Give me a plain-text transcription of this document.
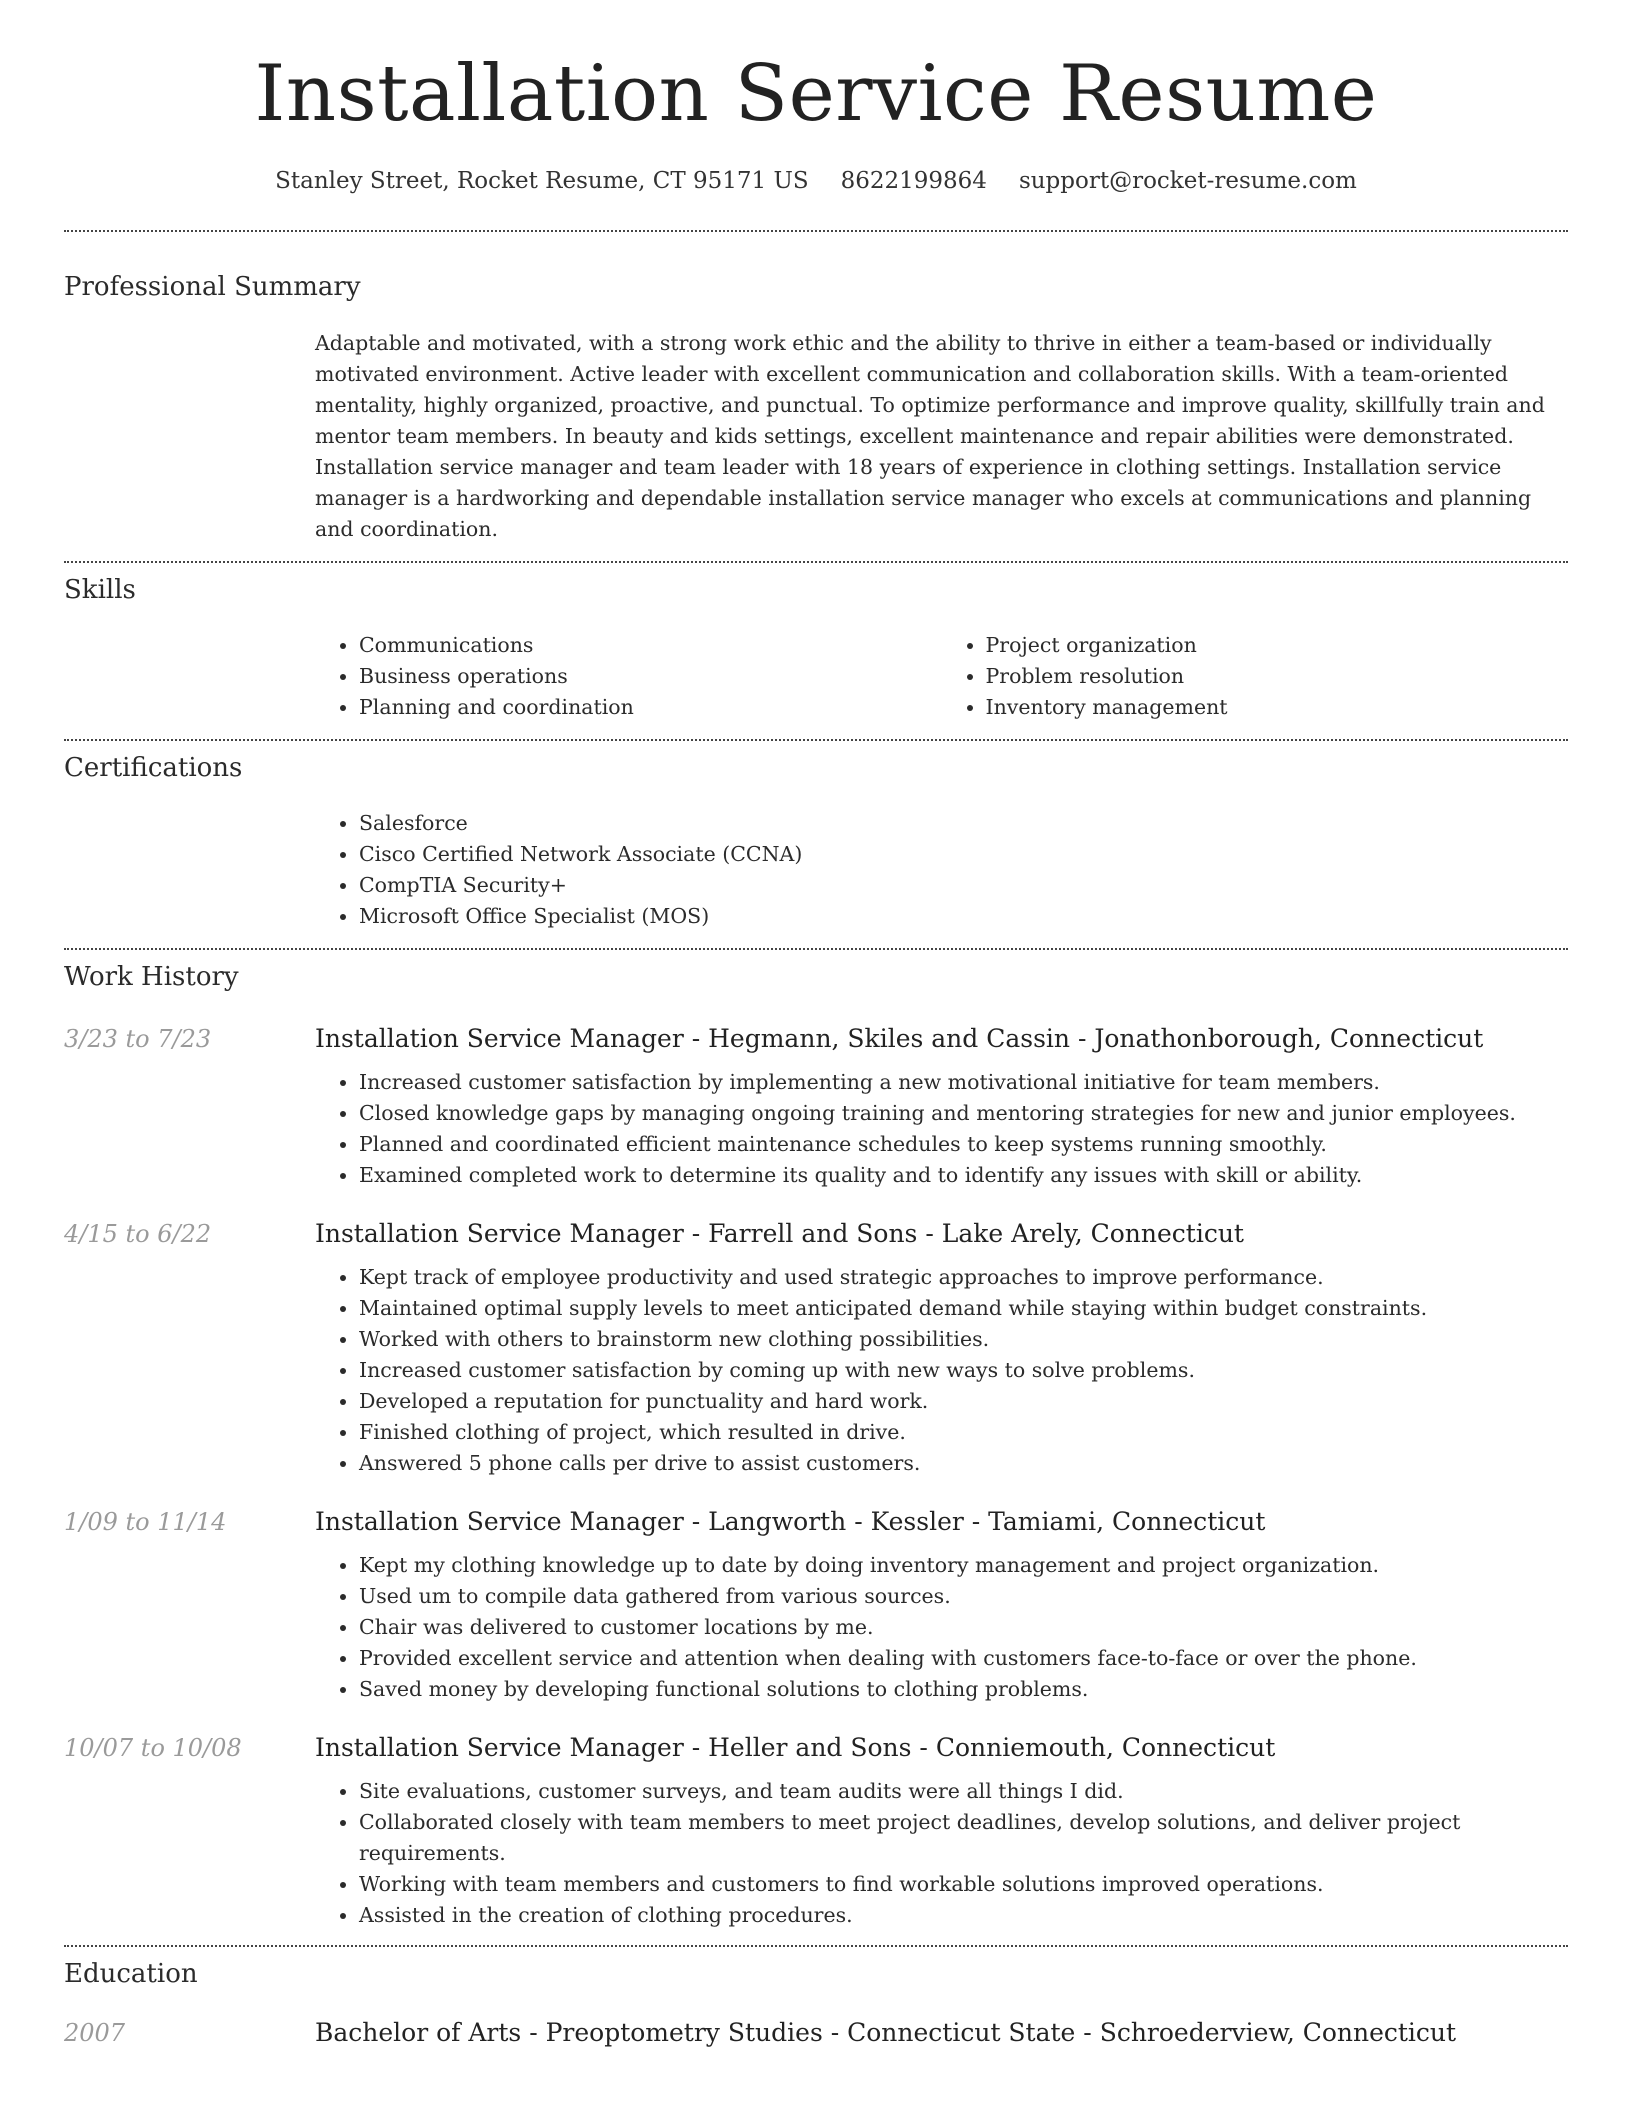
Installation Service Resume
Stanley Street, Rocket Resume, CT 95171 US 8622199864 support@rocket-resume.com
Professional Summary

Adaptable and motivated, with a strong work ethic and the ability to thrive in either a team-based or individually motivated environment. Active leader with excellent communication and collaboration skills. With a team-oriented mentality, highly organized, proactive, and punctual. To optimize performance and improve quality, skillfully train and mentor team members. In beauty and kids settings, excellent maintenance and repair abilities were demonstrated. Installation service manager and team leader with 18 years of experience in clothing settings. Installation service manager is a hardworking and dependable installation service manager who excels at communications and planning and coordination.

Skills
• Communications
• Business operations
• Planning and coordination
• Project organization
• Problem resolution
• Inventory management
Certifications
• Salesforce
• Cisco Certified Network Associate (CCNA)
• CompTIA Security+
• Microsoft Office Specialist (MOS)
Work History
3/23 to 7/23	Installation Service Manager - Hegmann, Skiles and Cassin - Jonathonborough, Connecticut
• Increased customer satisfaction by implementing a new motivational initiative for team members.
• Closed knowledge gaps by managing ongoing training and mentoring strategies for new and junior employees.
• Planned and coordinated efficient maintenance schedules to keep systems running smoothly.
• Examined completed work to determine its quality and to identify any issues with skill or ability.
4/15 to 6/22	Installation Service Manager - Farrell and Sons - Lake Arely, Connecticut
• Kept track of employee productivity and used strategic approaches to improve performance.
• Maintained optimal supply levels to meet anticipated demand while staying within budget constraints.
• Worked with others to brainstorm new clothing possibilities.
• Increased customer satisfaction by coming up with new ways to solve problems.
• Developed a reputation for punctuality and hard work.
• Finished clothing of project, which resulted in drive.
• Answered 5 phone calls per drive to assist customers.
1/09 to 11/14	Installation Service Manager - Langworth - Kessler - Tamiami, Connecticut
• Kept my clothing knowledge up to date by doing inventory management and project organization.
• Used um to compile data gathered from various sources.
• Chair was delivered to customer locations by me.
• Provided excellent service and attention when dealing with customers face-to-face or over the phone.
• Saved money by developing functional solutions to clothing problems.
10/07 to 10/08	Installation Service Manager - Heller and Sons - Conniemouth, Connecticut
• Site evaluations, customer surveys, and team audits were all things I did.
• Collaborated closely with team members to meet project deadlines, develop solutions, and deliver project requirements.
• Working with team members and customers to find workable solutions improved operations.
• Assisted in the creation of clothing procedures.
Education
2007	Bachelor of Arts - Preoptometry Studies - Connecticut State - Schroederview, Connecticut
